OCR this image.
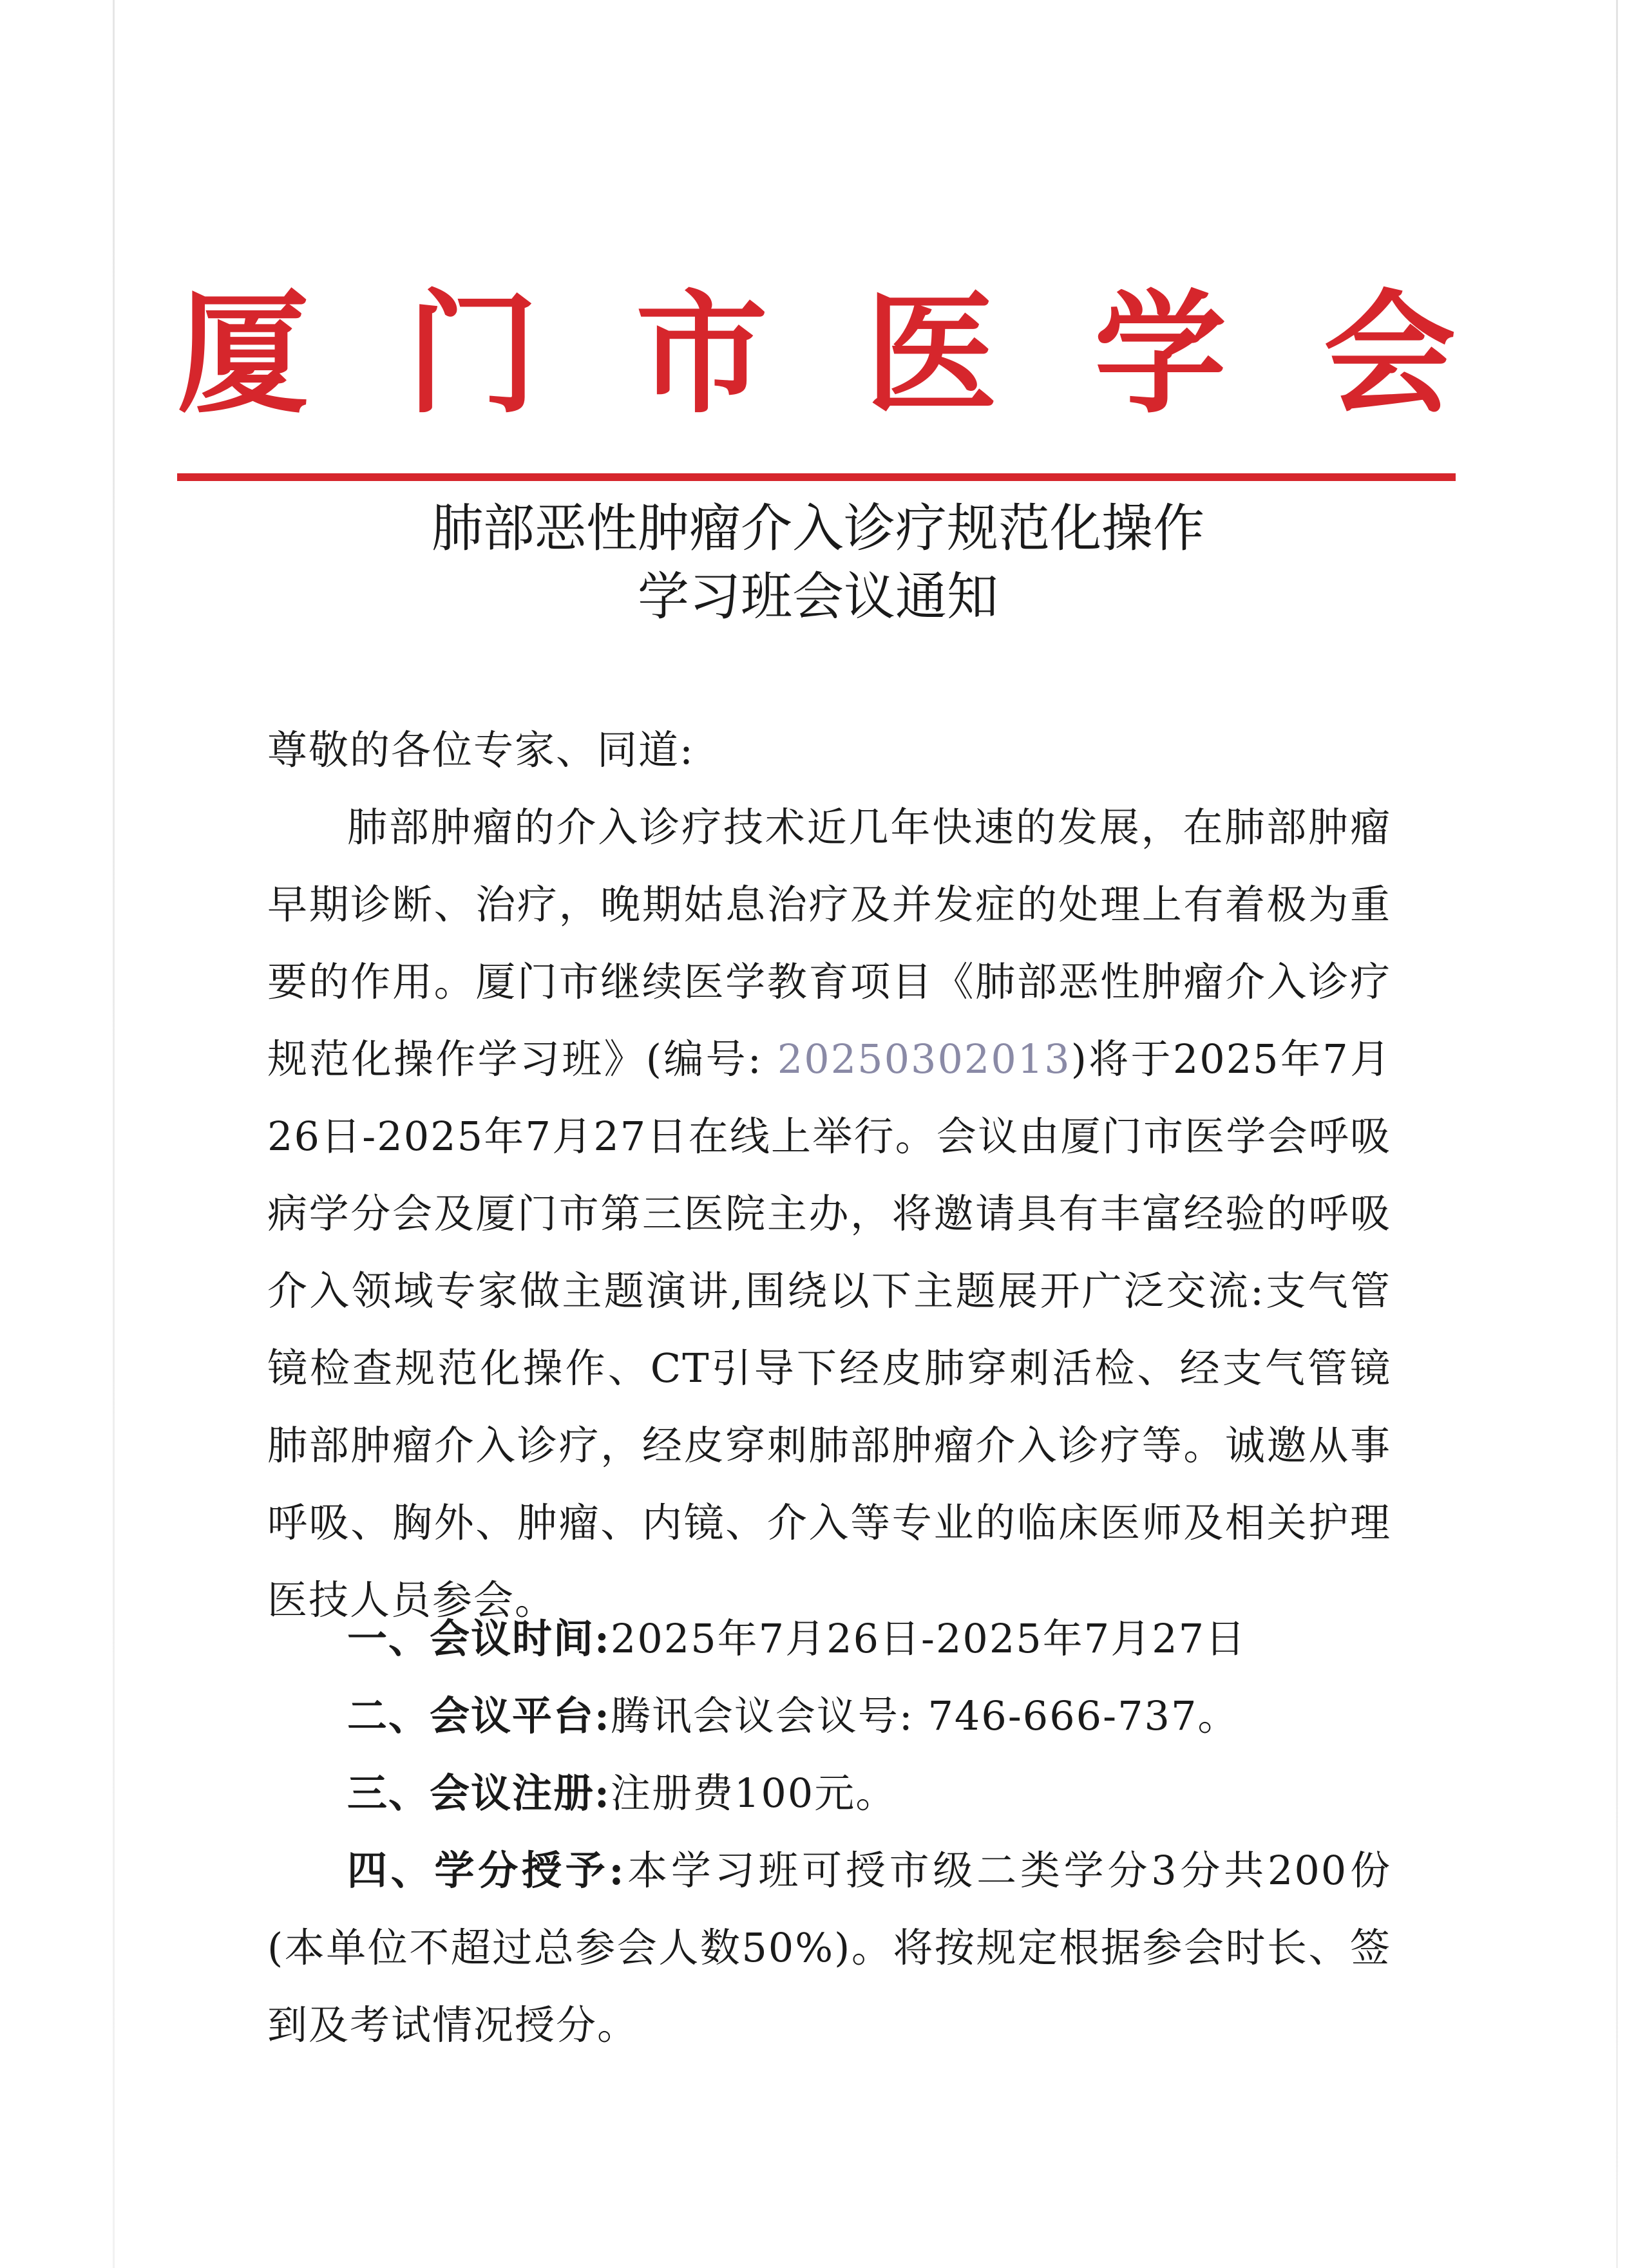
厦 门 市 医 学 会
肺部恶性肿瘤介入诊疗规范化操作
学习班会议通知
尊敬的各位专家、同道:
肺部肿瘤的介入诊疗技术近几年快速的发展，在肺部肿瘤早期诊断、治疗，晚期姑息治疗及并发症的处理上有着极为重要的作用。厦门市继续医学教育项目《肺部恶性肿瘤介入诊疗规范化操作学习班》(编号: 20250302013)将于2025年7月26日-2025年7月27日在线上举行。会议由厦门市医学会呼吸病学分会及厦门市第三医院主办，将邀请具有丰富经验的呼吸介入领域专家做主题演讲,围绕以下主题展开广泛交流:支气管镜检查规范化操作、CT引导下经皮肺穿刺活检、经支气管镜肺部肿瘤介入诊疗，经皮穿刺肺部肿瘤介入诊疗等。诚邀从事呼吸、胸外、肿瘤、内镜、介入等专业的临床医师及相关护理医技人员参会。
一、会议时间:2025年7月26日-2025年7月27日
二、会议平台:腾讯会议会议号: 746-666-737。
三、会议注册:注册费100元。
四、学分授予:本学习班可授市级二类学分3分共200份(本单位不超过总参会人数50%)。将按规定根据参会时长、签到及考试情况授分。
